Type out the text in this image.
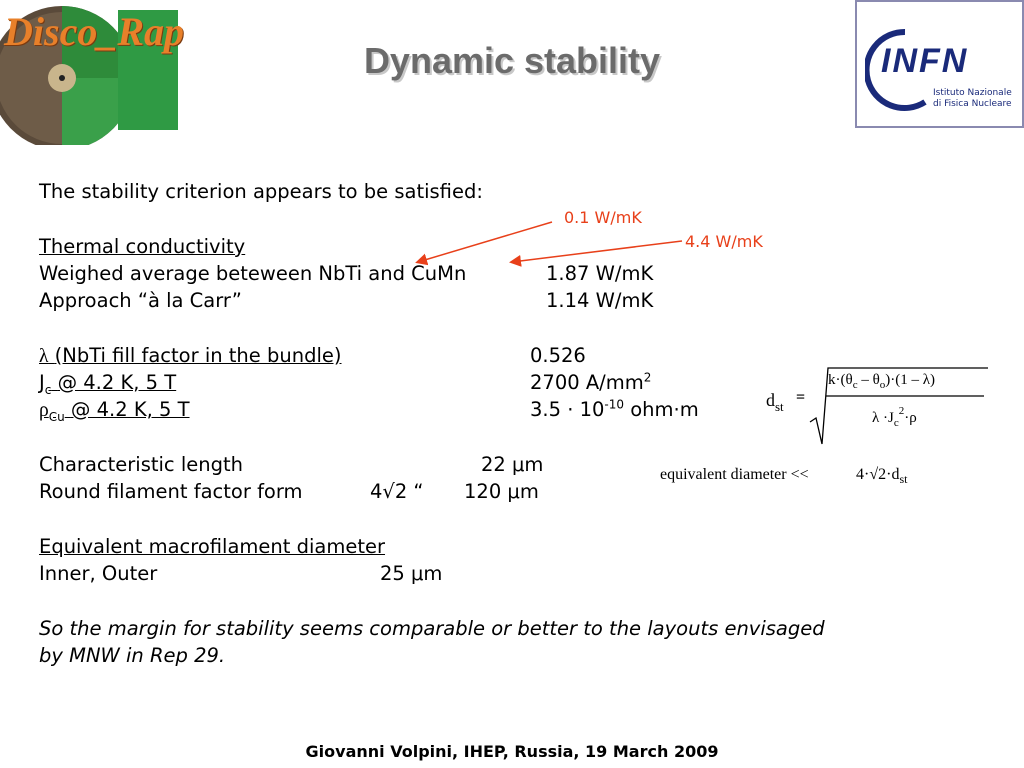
Disco_Rap
INFN
Istituto Nazionale
di Fisica Nucleare
Dynamic stability
The stability criterion appears to be satisfied:
0.1 W/mK
4.4 W/mK
Thermal conductivity
Weighed average beteween NbTi and CuMn	1.87 W/mK
Approach “à la Carr”	1.14 W/mK
λ (NbTi fill factor in the bundle)	0.526
$J_c$ @ 4.2 K, 5 T	2700 $A/mm^2$
$\rho_{Cu}$ @ 4.2 K, 5 T	$3.5 \cdot 10^{-10}$ ohm·m
Characteristic length	22 μm
Round filament factor form	4√2 “ 120 μm
Equivalent macrofilament diameter
Inner, Outer	25 μm
So the margin for stability seems comparable or better to the layouts envisaged
by MNW in Rep 29.
$d_{st}$
=
$k\cdot(\theta_c - \theta_o)\cdot(1 - \lambda)$
$\lambda \cdot J_c^2\cdot\rho$
equivalent diameter <<	$4\cdot√2\cdot d_{st}$
Giovanni Volpini, IHEP, Russia, 19 March 2009
